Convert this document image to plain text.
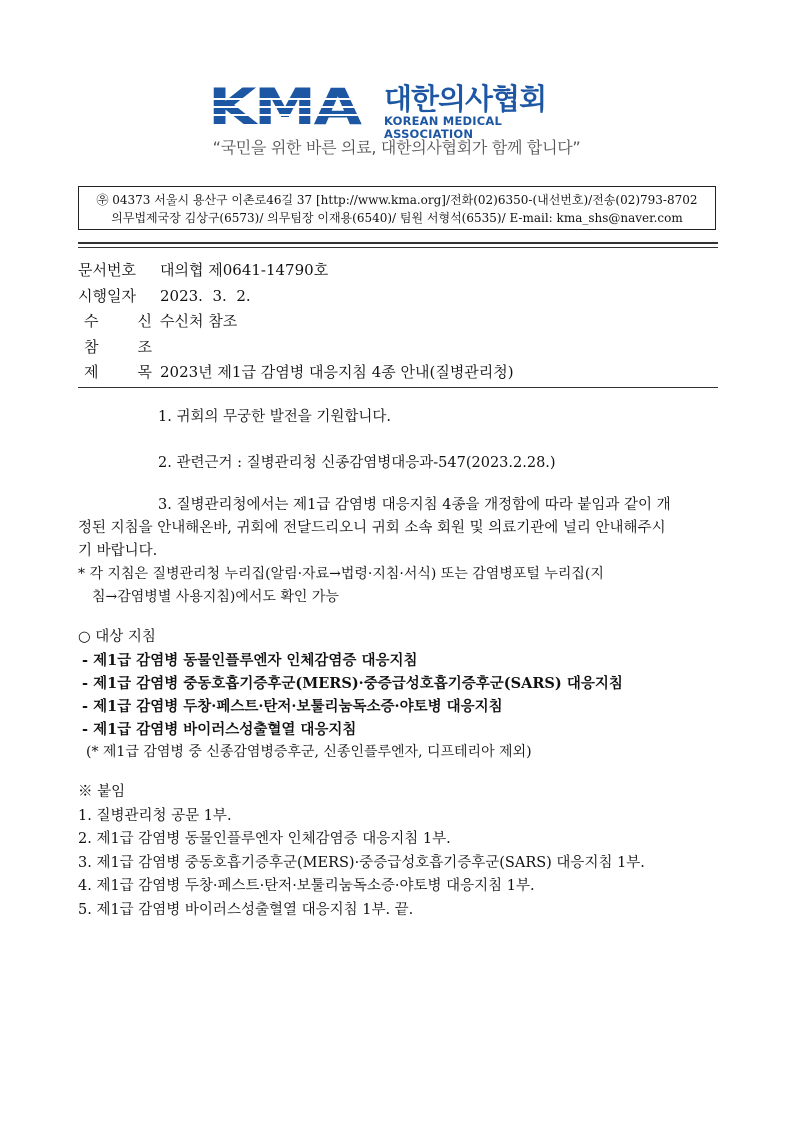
대한의사협회
KOREAN MEDICAL ASSOCIATION
“국민을 위한 바른 의료, 대한의사협회가 함께 합니다”
㉾ 04373 서울시 용산구 이촌로46길 37 [http://www.kma.org]/전화(02)6350-(내선번호)/전송(02)793-8702
의무법제국장 김상구(6573)/ 의무팀장 이재용(6540)/ 팀원 서형석(6535)/ E-mail: kma_shs@naver.com
문서번호 대의협 제0641-14790호
시행일자 2023.  3.  2.
수	신 수신처 참조
참	조
제	목 2023년 제1급 감염병 대응지침 4종 안내(질병관리청)

1. 귀회의 무궁한 발전을 기원합니다.

2. 관련근거 : 질병관리청 신종감염병대응과-547(2023.2.28.)

3. 질병관리청에서는 제1급 감염병 대응지침 4종을 개정함에 따라 붙임과 같이 개

정된 지침을 안내해온바, 귀회에 전달드리오니 귀회 소속 회원 및 의료기관에 널리 안내해주시

기 바랍니다.

* 각 지침은 질병관리청 누리집(알림·자료→법령·지침·서식) 또는 감염병포털 누리집(지

침→감염병별 사용지침)에서도 확인 가능

○ 대상 지침

- 제1급 감염병 동물인플루엔자 인체감염증 대응지침

- 제1급 감염병 중동호흡기증후군(MERS)·중증급성호흡기증후군(SARS) 대응지침

- 제1급 감염병 두창·페스트·탄저·보툴리눔독소증·야토병 대응지침

- 제1급 감염병 바이러스성출혈열 대응지침

(* 제1급 감염병 중 신종감염병증후군, 신종인플루엔자, 디프테리아 제외)

※ 붙임
1. 질병관리청 공문 1부.
2. 제1급 감염병 동물인플루엔자 인체감염증 대응지침 1부.
3. 제1급 감염병 중동호흡기증후군(MERS)·중증급성호흡기증후군(SARS) 대응지침 1부.
4. 제1급 감염병 두창·페스트·탄저·보툴리눔독소증·야토병 대응지침 1부.
5. 제1급 감염병 바이러스성출혈열 대응지침 1부. 끝.
